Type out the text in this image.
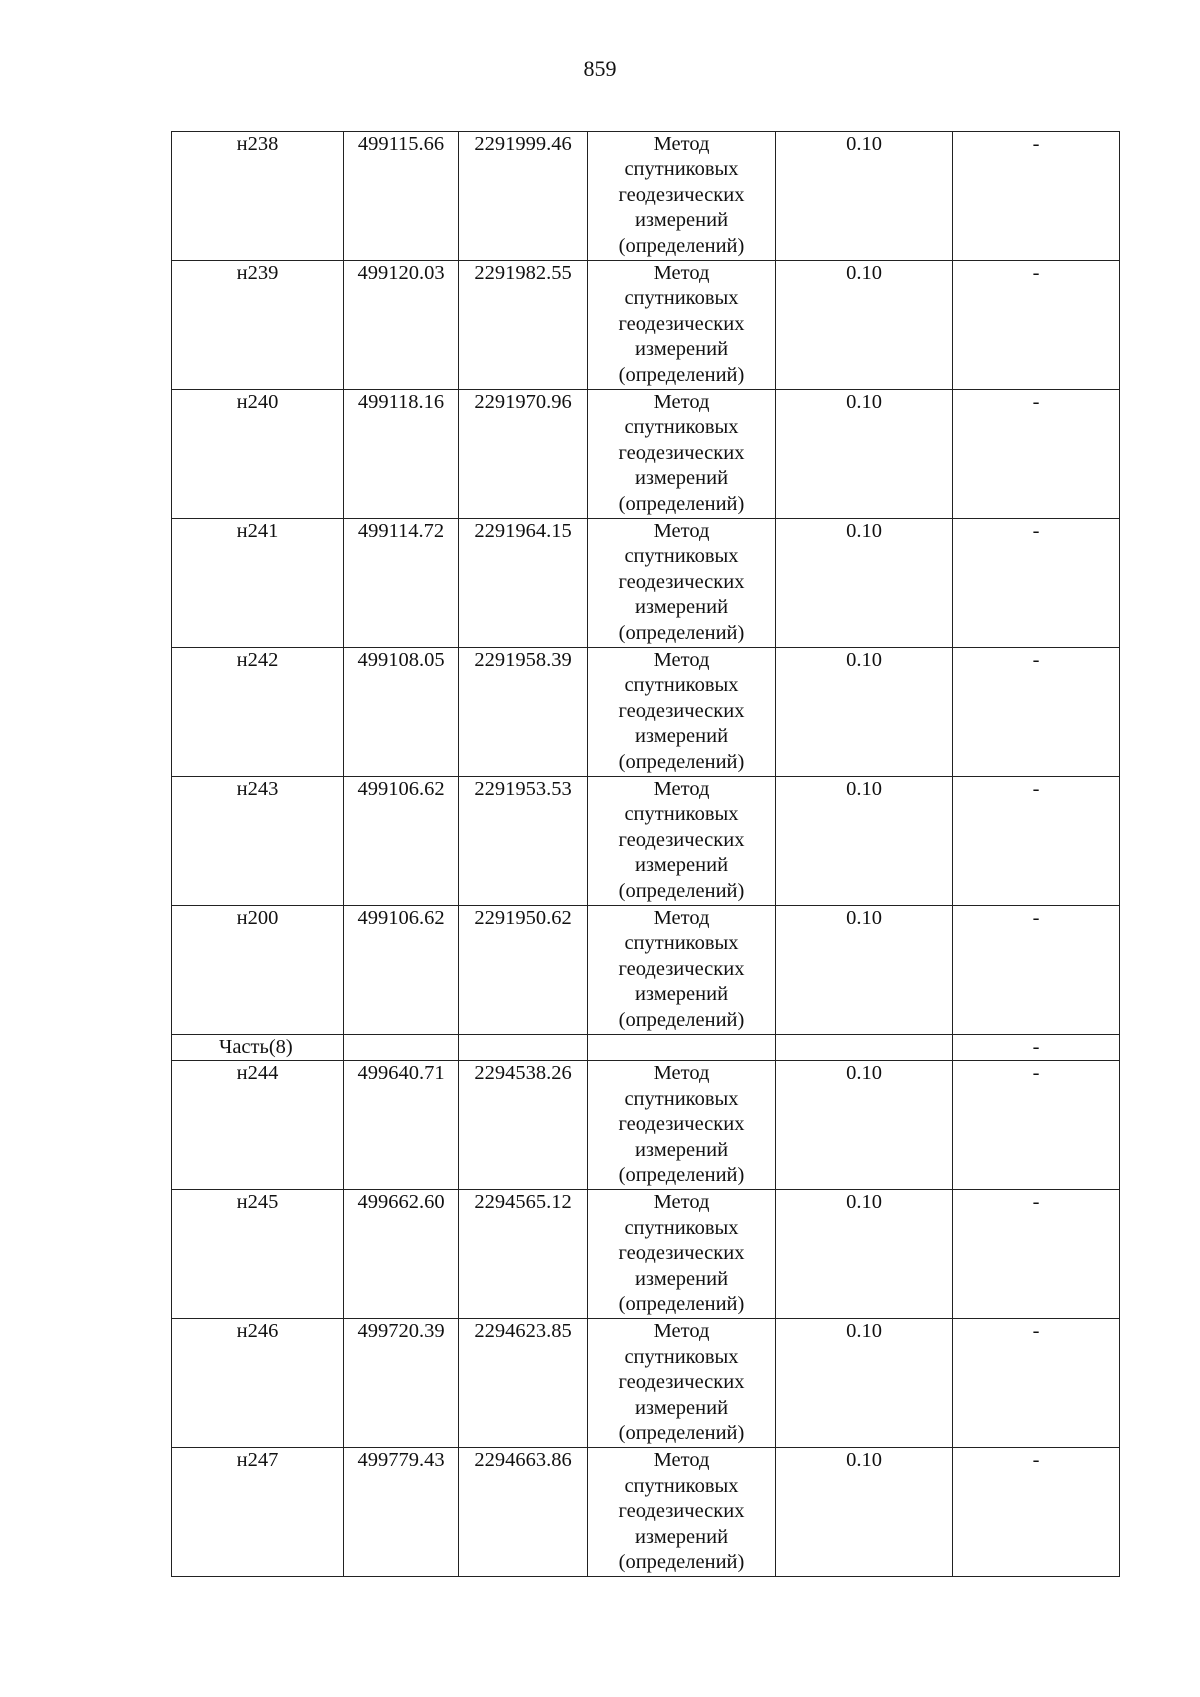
859
н238	499115.66	2291999.46	Метод
спутниковых
геодезических
измерений
(определений)	0.10	-
н239	499120.03	2291982.55	Метод
спутниковых
геодезических
измерений
(определений)	0.10	-
н240	499118.16	2291970.96	Метод
спутниковых
геодезических
измерений
(определений)	0.10	-
н241	499114.72	2291964.15	Метод
спутниковых
геодезических
измерений
(определений)	0.10	-
н242	499108.05	2291958.39	Метод
спутниковых
геодезических
измерений
(определений)	0.10	-
н243	499106.62	2291953.53	Метод
спутниковых
геодезических
измерений
(определений)	0.10	-
н200	499106.62	2291950.62	Метод
спутниковых
геодезических
измерений
(определений)	0.10	-
Часть(8)					-
н244	499640.71	2294538.26	Метод
спутниковых
геодезических
измерений
(определений)	0.10	-
н245	499662.60	2294565.12	Метод
спутниковых
геодезических
измерений
(определений)	0.10	-
н246	499720.39	2294623.85	Метод
спутниковых
геодезических
измерений
(определений)	0.10	-
н247	499779.43	2294663.86	Метод
спутниковых
геодезических
измерений
(определений)	0.10	-
